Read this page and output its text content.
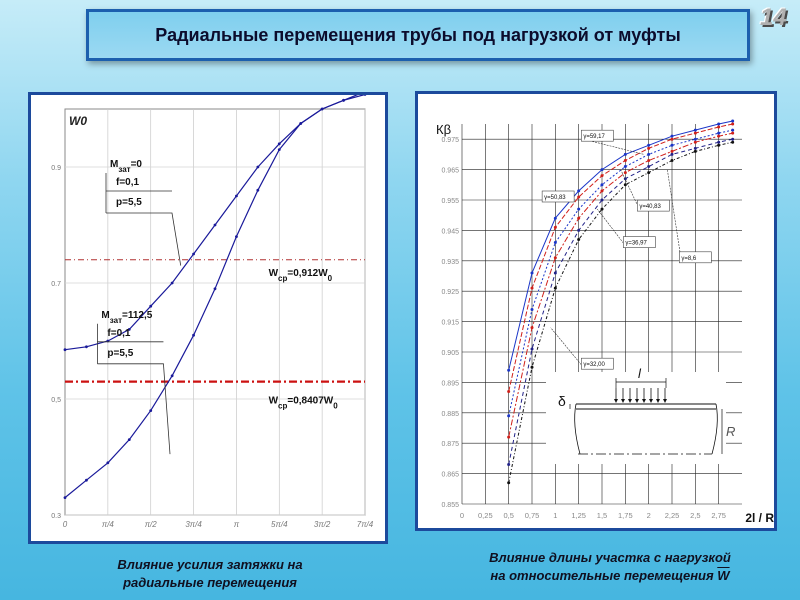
Радиальные перемещения трубы под нагрузкой от муфты
14
0	π/4	π/2	3π/4	π	5π/4	3π/2	7π/4
0.3
0,5
0.7
0.9
W0
$W_{ср}=0,912W_0$
$W_{ср}=0,8407W_0$
$М_{зат}=0$
f=0,1
p=5,5
$М_{зат}=112,5$
f=0,1
p=5,5
0 0,25 0,5 0,75 1 1,25 1,5 1,75 2 2,25 2,5 2,75
0.855
0.865
0.875
0.885
0.895
0.905
0.915
0.925
0.935
0.945
0.955
0.965
0.975
Кβ
2l / R
γ=59,17
γ=50,83
γ=40,83
γ=36,97
γ=8,6
γ=32,00
l
δ
R
Влияние усилия затяжки на
радиальные перемещения
Влияние длины участка с нагрузкой
на относительные перемещения $\overline{W}$
